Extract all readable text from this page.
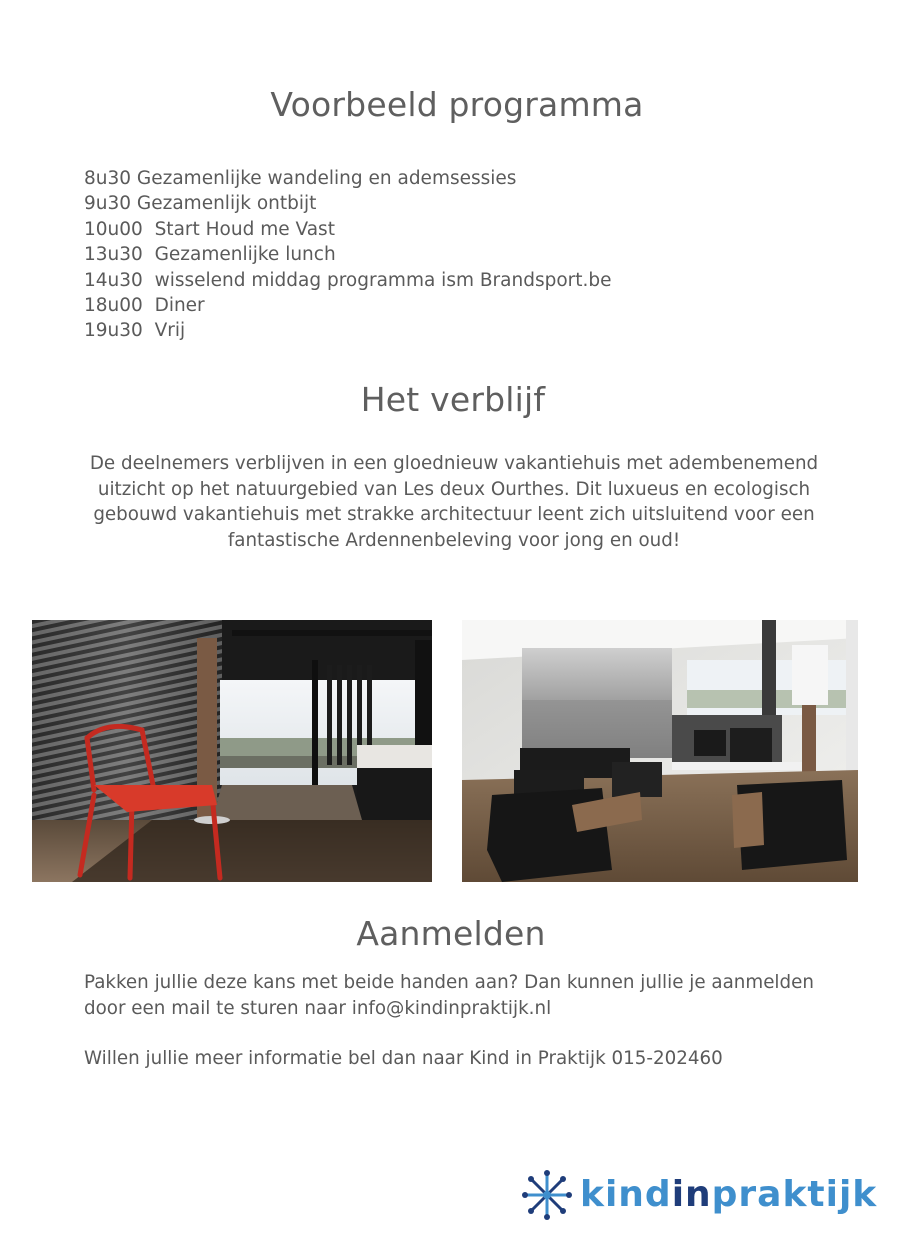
Voorbeeld programma
8u30 Gezamenlijke wandeling en ademsessies
9u30 Gezamenlijk ontbijt
10u00  Start Houd me Vast
13u30  Gezamenlijke lunch
14u30  wisselend middag programma ism Brandsport.be
18u00  Diner
19u30  Vrij
Het verblijf

De deelnemers verblijven in een gloednieuw vakantiehuis met adembenemend
uitzicht op het natuurgebied van Les deux Ourthes. Dit luxueus en ecologisch
gebouwd vakantiehuis met strakke architectuur leent zich uitsluitend voor een
fantastische Ardennenbeleving voor jong en oud!

Aanmelden

Pakken jullie deze kans met beide handen aan? Dan kunnen jullie je aanmelden
door een mail te sturen naar info@kindinpraktijk.nl

Willen jullie meer informatie bel dan naar Kind in Praktijk 015-202460

kindinpraktijk
